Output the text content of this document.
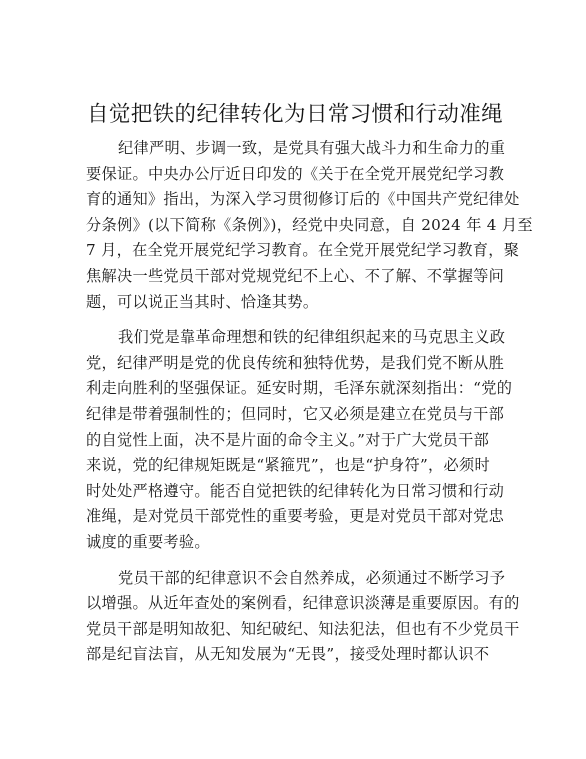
自觉把铁的纪律转化为日常习惯和行动准绳

纪律严明、步调一致，是党具有强大战斗力和生命力的重
要保证。中央办公厅近日印发的《关于在全党开展党纪学习教
育的通知》指出，为深入学习贯彻修订后的《中国共产党纪律处
分条例》(以下简称《条例》)，经党中央同意，自 2024 年 4 月至
7 月，在全党开展党纪学习教育。在全党开展党纪学习教育，聚
焦解决一些党员干部对党规党纪不上心、不了解、不掌握等问
题，可以说正当其时、恰逢其势。

我们党是靠革命理想和铁的纪律组织起来的马克思主义政
党，纪律严明是党的优良传统和独特优势，是我们党不断从胜
利走向胜利的坚强保证。延安时期，毛泽东就深刻指出：“党的
纪律是带着强制性的；但同时，它又必须是建立在党员与干部
的自觉性上面，决不是片面的命令主义。”对于广大党员干部
来说，党的纪律规矩既是“紧箍咒”，也是“护身符”，必须时
时处处严格遵守。能否自觉把铁的纪律转化为日常习惯和行动
准绳，是对党员干部党性的重要考验，更是对党员干部对党忠
诚度的重要考验。

党员干部的纪律意识不会自然养成，必须通过不断学习予
以增强。从近年查处的案例看，纪律意识淡薄是重要原因。有的
党员干部是明知故犯、知纪破纪、知法犯法，但也有不少党员干
部是纪盲法盲，从无知发展为“无畏”，接受处理时都认识不
